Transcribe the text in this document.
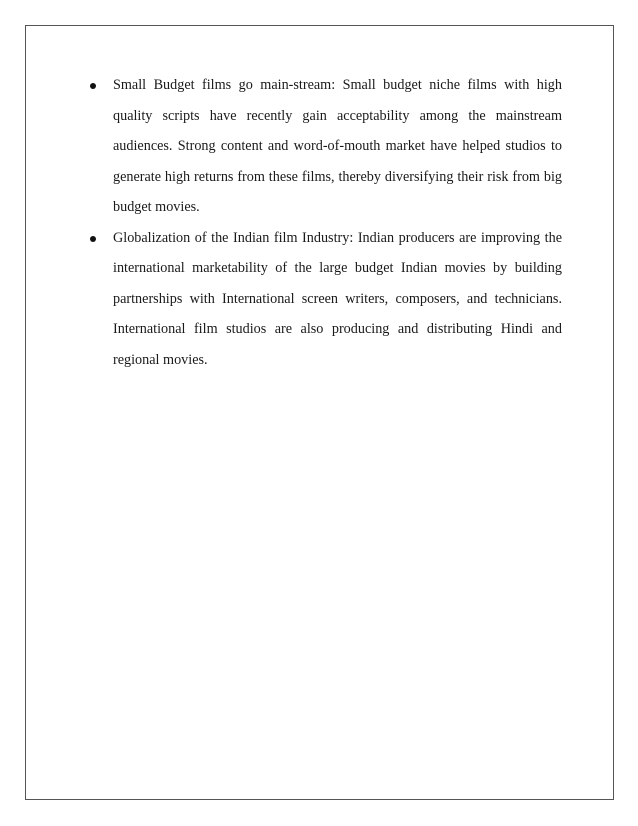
Small Budget films go main-stream: Small budget niche films with high quality scripts have recently gain acceptability among the mainstream audiences. Strong content and word-of-mouth market have helped studios to generate high returns from these films, thereby diversifying their risk from big budget movies.
Globalization of the Indian film Industry: Indian producers are improving the international marketability of the large budget Indian movies by building partnerships with International screen writers, composers, and technicians. International film studios are also producing and distributing Hindi and regional movies.
